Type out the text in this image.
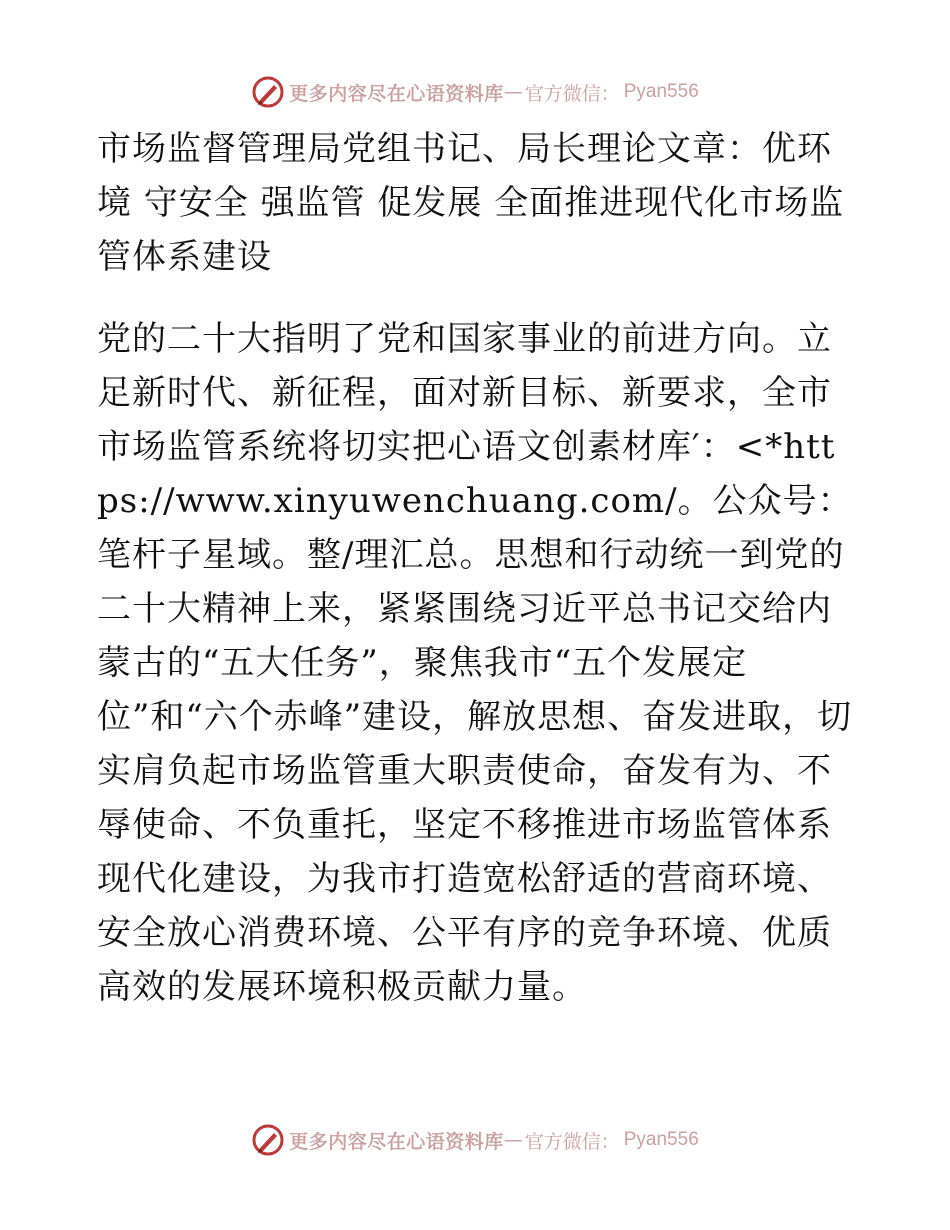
更多内容尽在心语资料库 — 官方微信： Pyan556
市场监督管理局党组书记、局长理论文章：优环境 守安全 强监管 促发展 全面推进现代化市场监管体系建设

党的二十大指明了党和国家事业的前进方向。立足新时代、新征程，面对新目标、新要求，全市市场监管系统将切实把心语文创素材库′：<*https://www.xinyuwenchuang.com/。公众号：笔杆子星域。整/理汇总。思想和行动统一到党的二十大精神上来，紧紧围绕习近平总书记交给内蒙古的“五大任务”，聚焦我市“五个发展定位”和“六个赤峰”建设，解放思想、奋发进取，切实肩负起市场监管重大职责使命，奋发有为、不辱使命、不负重托，坚定不移推进市场监管体系现代化建设，为我市打造宽松舒适的营商环境、安全放心消费环境、公平有序的竞争环境、优质高效的发展环境积极贡献力量。

更多内容尽在心语资料库 — 官方微信： Pyan556
